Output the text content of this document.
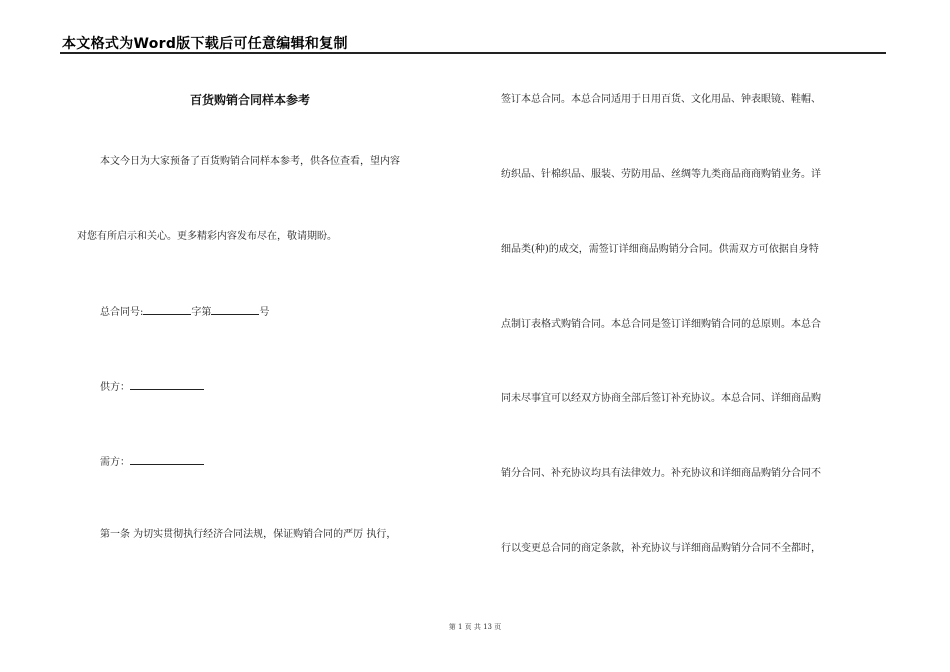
本文格式为Word版下载后可任意编辑和复制
百货购销合同样本参考
本文今日为大家预备了百货购销合同样本参考，供各位查看，望内容
对您有所启示和关心。更多精彩内容发布尽在，敬请期盼。
总合同号:	字第	号
供方：
需方：
第一条 为切实贯彻执行经济合同法规，保证购销合同的严厉 执行，
签订本总合同。本总合同适用于日用百货、文化用品、钟表眼镜、鞋帽、
纺织品、针棉织品、服装、劳防用品、丝绸等九类商品商商购销业务。详
细品类(种)的成交，需签订详细商品购销分合同。供需双方可依据自身特
点制订表格式购销合同。本总合同是签订详细购销合同的总原则。本总合
同未尽事宜可以经双方协商全部后签订补充协议。本总合同、详细商品购
销分合同、补充协议均具有法律效力。补充协议和详细商品购销分合同不
行以变更总合同的商定条款，补充协议与详细商品购销分合同不全都时，
第 1 页 共 13 页
